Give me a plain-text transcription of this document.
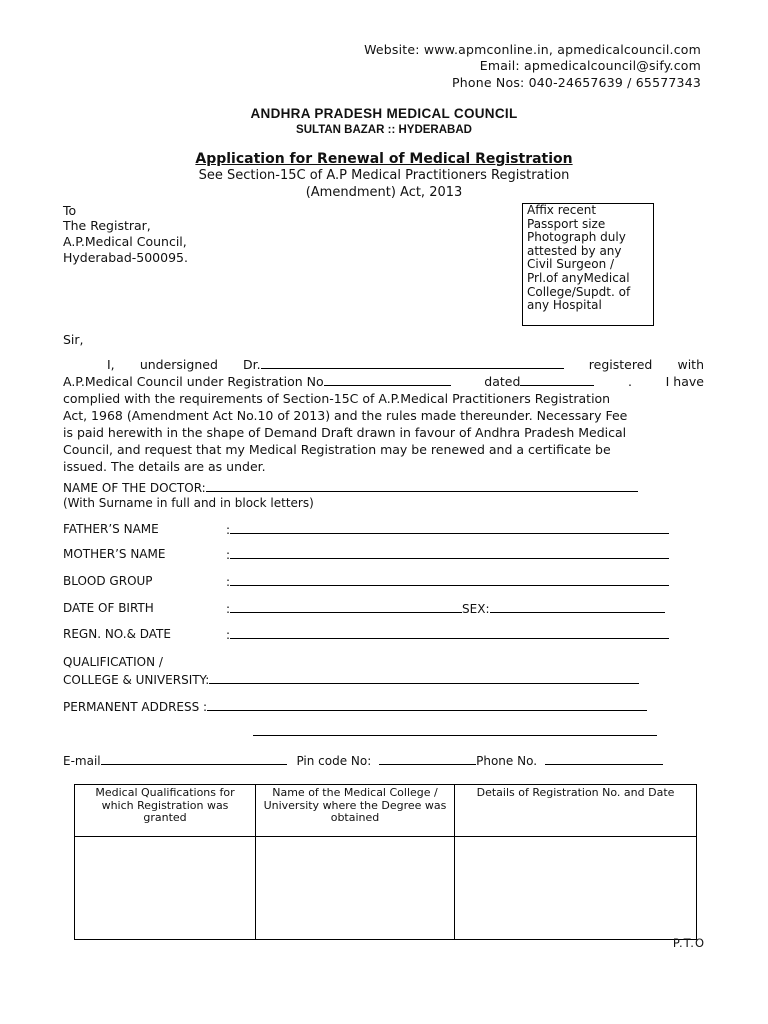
Website: www.apmconline.in, apmedicalcouncil.com
Email: apmedicalcouncil@sify.com
Phone Nos: 040-24657639 / 65577343
ANDHRA PRADESH MEDICAL COUNCIL
SULTAN BAZAR :: HYDERABAD
Application for Renewal of Medical Registration
See Section-15C of A.P Medical Practitioners Registration
(Amendment) Act, 2013
To
The Registrar,
A.P.Medical Council,
Hyderabad-500095.
Affix recent
Passport size
Photograph duly
attested by any
Civil Surgeon /
Prl.of anyMedical
College/Supdt. of
any Hospital
Sir,
I, undersigned Dr.	registered with
A.P.Medical Council under Registration No	dated	.	I have
complied with the requirements of Section-15C of A.P.Medical Practitioners Registration
Act, 1968 (Amendment Act No.10 of 2013) and the rules made thereunder. Necessary Fee
is paid herewith in the shape of Demand Draft drawn in favour of Andhra Pradesh Medical
Council, and request that my Medical Registration may be renewed and a certificate be
issued. The details are as under.
NAME OF THE DOCTOR:
(With Surname in full and in block letters)
FATHER’S NAME	:
MOTHER’S NAME	:
BLOOD GROUP	:
DATE OF BIRTH	:	SEX:
REGN. NO.& DATE	:
QUALIFICATION /
COLLEGE & UNIVERSITY:
PERMANENT ADDRESS :
E-mail	Pin code No:	Phone No.
Medical Qualifications for which Registration was granted	Name of the Medical College / University where the Degree was obtained	Details of Registration No. and Date

P.T.O
